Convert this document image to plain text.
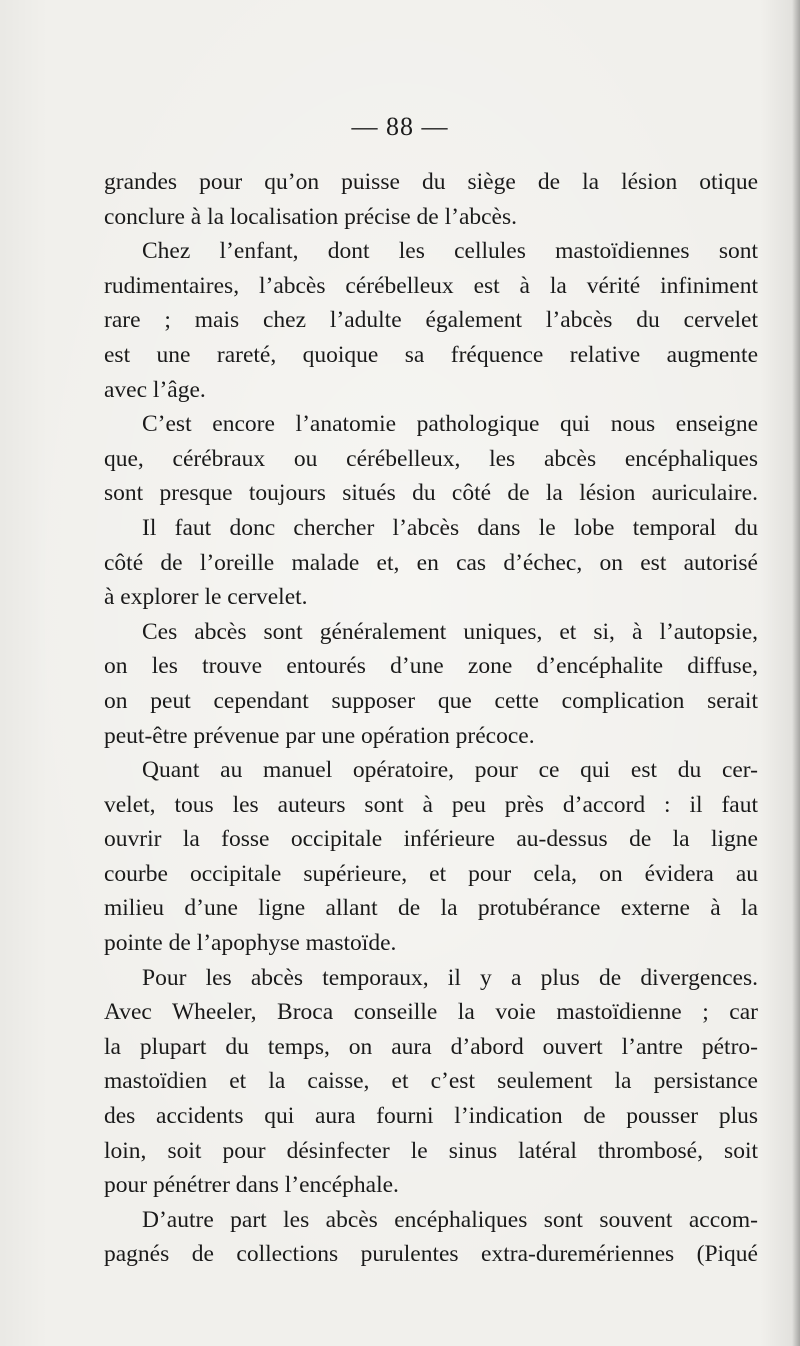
— 88 —
grandes pour qu’on puisse du siège de la lésion otique
conclure à la localisation précise de l’abcès.
Chez l’enfant, dont les cellules mastoïdiennes sont
rudimentaires, l’abcès cérébelleux est à la vérité infiniment
rare ; mais chez l’adulte également l’abcès du cervelet
est une rareté, quoique sa fréquence relative augmente
avec l’âge.
C’est encore l’anatomie pathologique qui nous enseigne
que, cérébraux ou cérébelleux, les abcès encéphaliques
sont presque toujours situés du côté de la lésion auriculaire.
Il faut donc chercher l’abcès dans le lobe temporal du
côté de l’oreille malade et, en cas d’échec, on est autorisé
à explorer le cervelet.
Ces abcès sont généralement uniques, et si, à l’autopsie,
on les trouve entourés d’une zone d’encéphalite diffuse,
on peut cependant supposer que cette complication serait
peut-être prévenue par une opération précoce.
Quant au manuel opératoire, pour ce qui est du cer-
velet, tous les auteurs sont à peu près d’accord : il faut
ouvrir la fosse occipitale inférieure au-dessus de la ligne
courbe occipitale supérieure, et pour cela, on évidera au
milieu d’une ligne allant de la protubérance externe à la
pointe de l’apophyse mastoïde.
Pour les abcès temporaux, il y a plus de divergences.
Avec Wheeler, Broca conseille la voie mastoïdienne ; car
la plupart du temps, on aura d’abord ouvert l’antre pétro-
mastoïdien et la caisse, et c’est seulement la persistance
des accidents qui aura fourni l’indication de pousser plus
loin, soit pour désinfecter le sinus latéral thrombosé, soit
pour pénétrer dans l’encéphale.
D’autre part les abcès encéphaliques sont souvent accom-
pagnés de collections purulentes extra-duremériennes (Piqué
